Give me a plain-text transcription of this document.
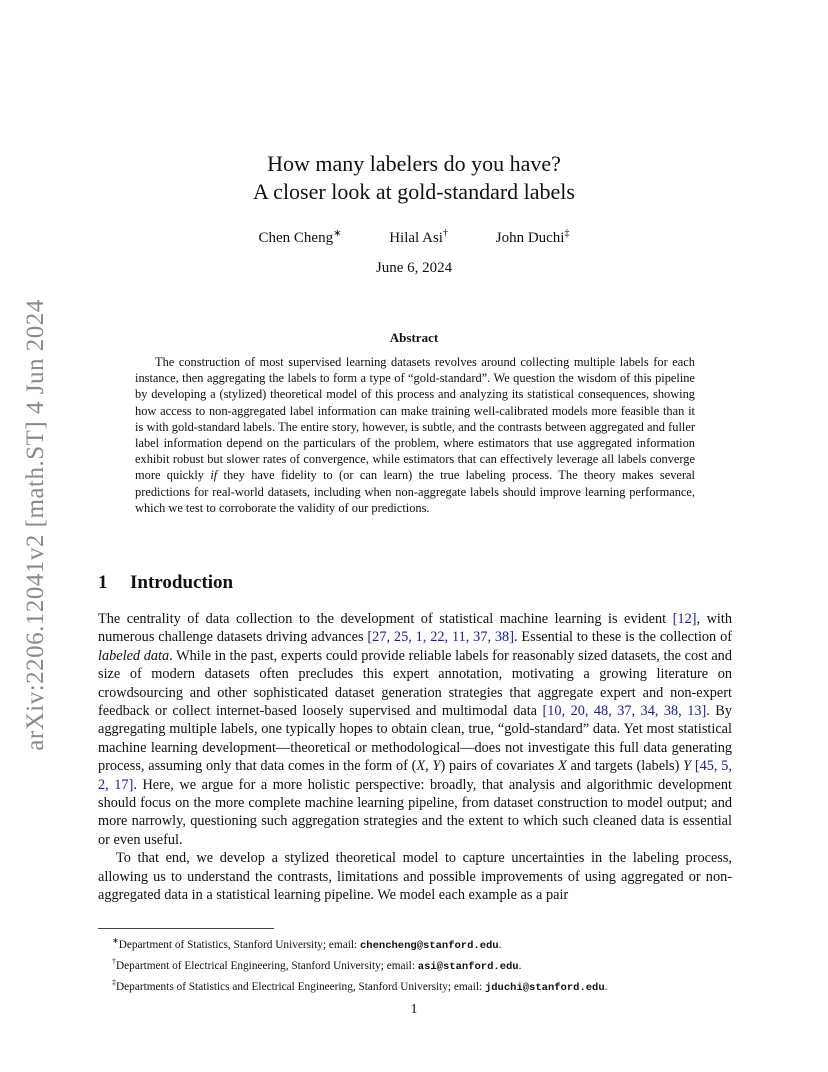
arXiv:2206.12041v2 [math.ST] 4 Jun 2024
How many labelers do you have?
A closer look at gold-standard labels
Chen Cheng∗	Hilal Asi†	John Duchi‡
June 6, 2024
Abstract
The construction of most supervised learning datasets revolves around collecting multiple labels for each instance, then aggregating the labels to form a type of “gold-standard”. We question the wisdom of this pipeline by developing a (stylized) theoretical model of this process and analyzing its statistical consequences, showing how access to non-aggregated label information can make training well-calibrated models more feasible than it is with gold-standard labels. The entire story, however, is subtle, and the contrasts between aggregated and fuller label information depend on the particulars of the problem, where estimators that use aggregated information exhibit robust but slower rates of convergence, while estimators that can effectively leverage all labels converge more quickly if they have fidelity to (or can learn) the true labeling process. The theory makes several predictions for real-world datasets, including when non-aggregate labels should improve learning performance, which we test to corroborate the validity of our predictions.
1 Introduction

The centrality of data collection to the development of statistical machine learning is evident [12], with numerous challenge datasets driving advances [27, 25, 1, 22, 11, 37, 38]. Essential to these is the collection of labeled data. While in the past, experts could provide reliable labels for reasonably sized datasets, the cost and size of modern datasets often precludes this expert annotation, motivating a growing literature on crowdsourcing and other sophisticated dataset generation strategies that aggregate expert and non-expert feedback or collect internet-based loosely supervised and multimodal data [10, 20, 48, 37, 34, 38, 13]. By aggregating multiple labels, one typically hopes to obtain clean, true, “gold-standard” data. Yet most statistical machine learning development—theoretical or methodological—does not investigate this full data generating process, assuming only that data comes in the form of (X, Y) pairs of covariates X and targets (labels) Y [45, 5, 2, 17]. Here, we argue for a more holistic perspective: broadly, that analysis and algorithmic development should focus on the more complete machine learning pipeline, from dataset construction to model output; and more narrowly, questioning such aggregation strategies and the extent to which such cleaned data is essential or even useful.

To that end, we develop a stylized theoretical model to capture uncertainties in the labeling process, allowing us to understand the contrasts, limitations and possible improvements of using aggregated or non-aggregated data in a statistical learning pipeline. We model each example as a pair

∗Department of Statistics, Stanford University; email: chencheng@stanford.edu.
†Department of Electrical Engineering, Stanford University; email: asi@stanford.edu.
‡Departments of Statistics and Electrical Engineering, Stanford University; email: jduchi@stanford.edu.
1
